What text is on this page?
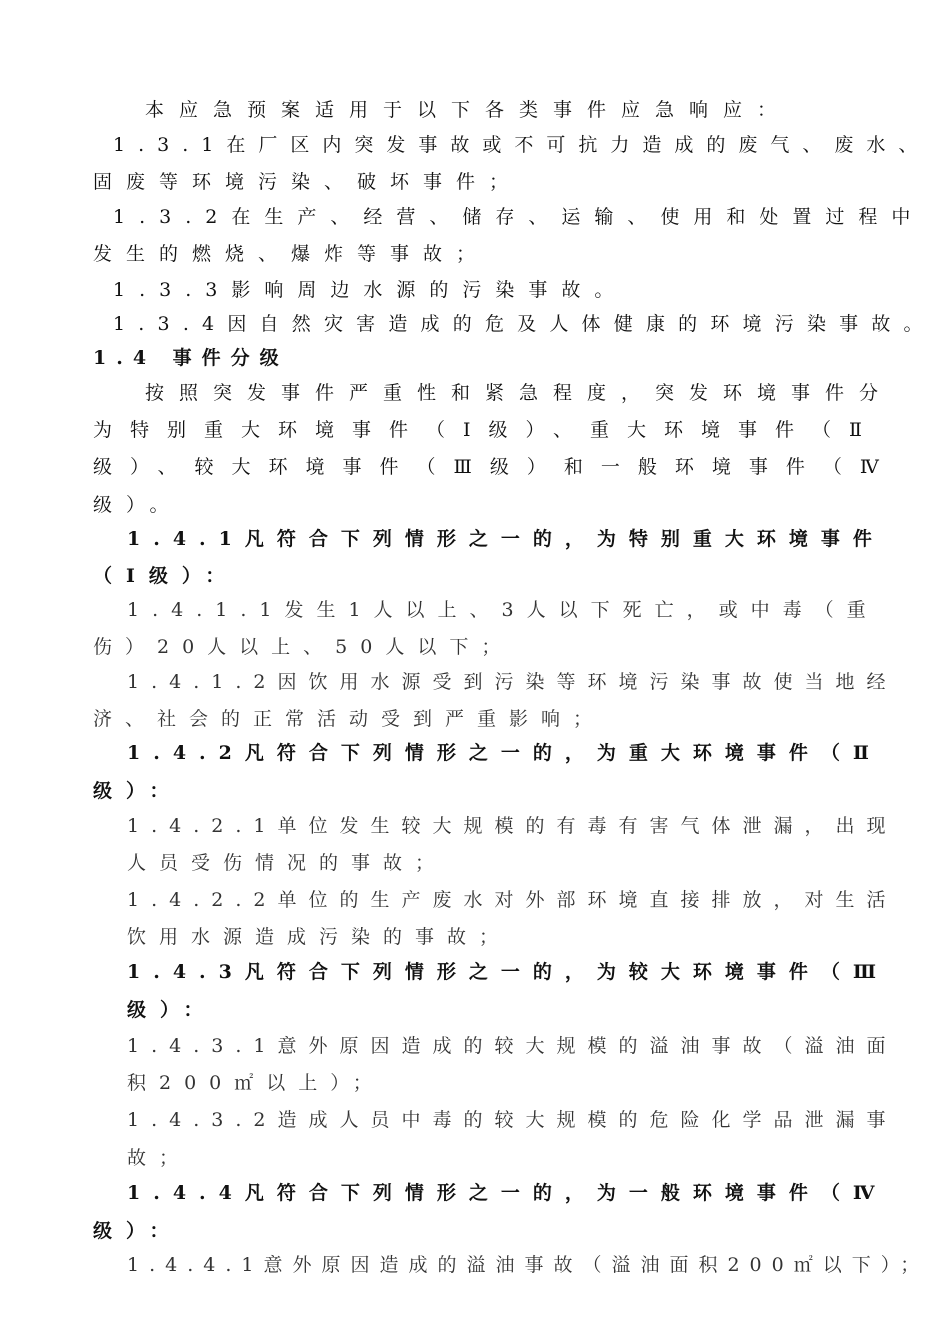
本应急预案适用于以下各类事件应急响应：
1.3.1在厂区内突发事故或不可抗力造成的废气、废水、
固废等环境污染、破坏事件；
1.3.2在生产、经营、储存、运输、使用和处置过程中
发生的燃烧、爆炸等事故；
1.3.3影响周边水源的污染事故。
1.3.4因自然灾害造成的危及人体健康的环境污染事故。
1.4 事件分级
按照突发事件严重性和紧急程度，突发环境事件分
为特别重大环境事件（Ⅰ级）、重大环境事件（Ⅱ
级）、较大环境事件（Ⅲ级）和一般环境事件（Ⅳ
级）。
1.4.1凡符合下列情形之一的，为特别重大环境事件
（Ⅰ级）：
1.4.1.1发生1人以上、3人以下死亡，或中毒（重
伤）20人以上、50人以下；
1.4.1.2因饮用水源受到污染等环境污染事故使当地经
济、社会的正常活动受到严重影响；
1.4.2凡符合下列情形之一的，为重大环境事件（Ⅱ
级）：
1.4.2.1单位发生较大规模的有毒有害气体泄漏，出现
人员受伤情况的事故；
1.4.2.2单位的生产废水对外部环境直接排放，对生活
饮用水源造成污染的事故；
1.4.3凡符合下列情形之一的，为较大环境事件（Ⅲ
级）：
1.4.3.1意外原因造成的较大规模的溢油事故（溢油面
积200㎡以上）；
1.4.3.2造成人员中毒的较大规模的危险化学品泄漏事
故；
1.4.4凡符合下列情形之一的，为一般环境事件（Ⅳ
级）：
1.4.4.1意外原因造成的溢油事故（溢油面积200㎡以下）；
